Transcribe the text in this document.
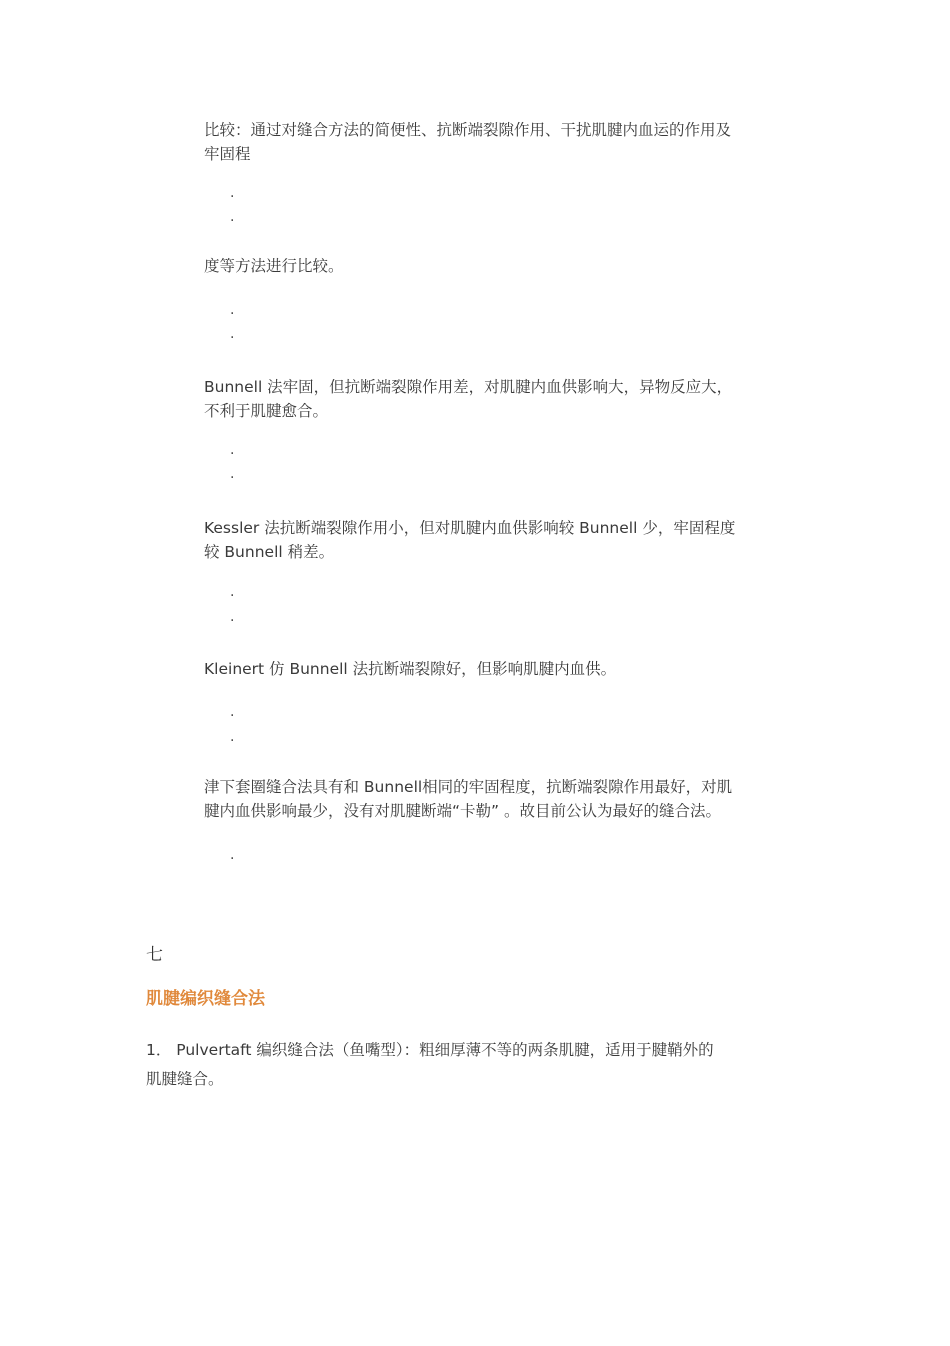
比较：通过对缝合方法的简便性、抗断端裂隙作用、干扰肌腱内血运的作用及
牢固程
.
.
度等方法进行比较。
.
.
Bunnell 法牢固，但抗断端裂隙作用差，对肌腱内血供影响大，异物反应大，
不利于肌腱愈合。
.
.
Kessler 法抗断端裂隙作用小，但对肌腱内血供影响较 Bunnell 少，牢固程度
较 Bunnell 稍差。
.
.
Kleinert 仿 Bunnell 法抗断端裂隙好，但影响肌腱内血供。
.
.
津下套圈缝合法具有和 Bunnell相同的牢固程度，抗断端裂隙作用最好，对肌
腱内血供影响最少，没有对肌腱断端“卡勒” 。故目前公认为最好的缝合法。
.
七
肌腱编织缝合法
1． Pulvertaft 编织缝合法（鱼嘴型）：粗细厚薄不等的两条肌腱，适用于腱鞘外的
肌腱缝合。
